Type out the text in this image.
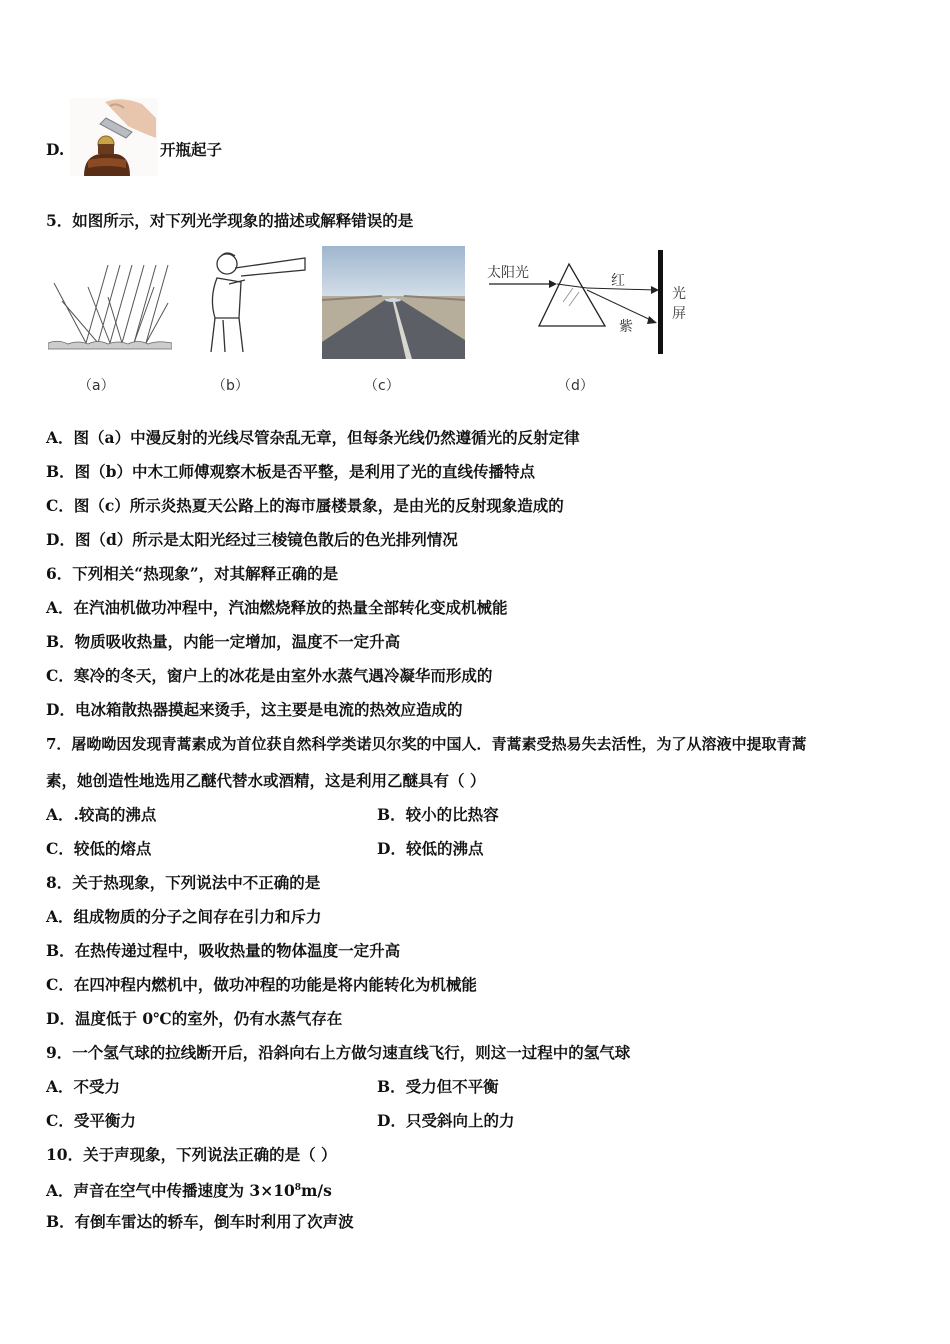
D.	开瓶起子
5．如图所示，对下列光学现象的描述或解释错误的是
太阳光	红
紫
光
屏
（a）	（b）	（c）	（d）
A．图（a）中漫反射的光线尽管杂乱无章，但每条光线仍然遵循光的反射定律
B．图（b）中木工师傅观察木板是否平整，是利用了光的直线传播特点
C．图（c）所示炎热夏天公路上的海市蜃楼景象，是由光的反射现象造成的
D．图（d）所示是太阳光经过三棱镜色散后的色光排列情况
6．下列相关“热现象”，对其解释正确的是
A．在汽油机做功冲程中，汽油燃烧释放的热量全部转化变成机械能
B．物质吸收热量，内能一定增加，温度不一定升高
C．寒冷的冬天，窗户上的冰花是由室外水蒸气遇冷凝华而形成的
D．电冰箱散热器摸起来烫手，这主要是电流的热效应造成的
7．屠呦呦因发现青蒿素成为首位获自然科学类诺贝尔奖的中国人．青蒿素受热易失去活性，为了从溶液中提取青蒿
素，她创造性地选用乙醚代替水或酒精，这是利用乙醚具有（ ）
A．.较高的沸点	B．较小的比热容
C．较低的熔点	D．较低的沸点
8．关于热现象，下列说法中不正确的是
A．组成物质的分子之间存在引力和斥力
B．在热传递过程中，吸收热量的物体温度一定升高
C．在四冲程内燃机中，做功冲程的功能是将内能转化为机械能
D．温度低于 0℃的室外，仍有水蒸气存在
9．一个氢气球的拉线断开后，沿斜向右上方做匀速直线飞行，则这一过程中的氢气球
A．不受力	B．受力但不平衡
C．受平衡力	D．只受斜向上的力
10．关于声现象，下列说法正确的是（ ）
A．声音在空气中传播速度为 $3\times 10^8m/s$
B．有倒车雷达的轿车，倒车时利用了次声波
